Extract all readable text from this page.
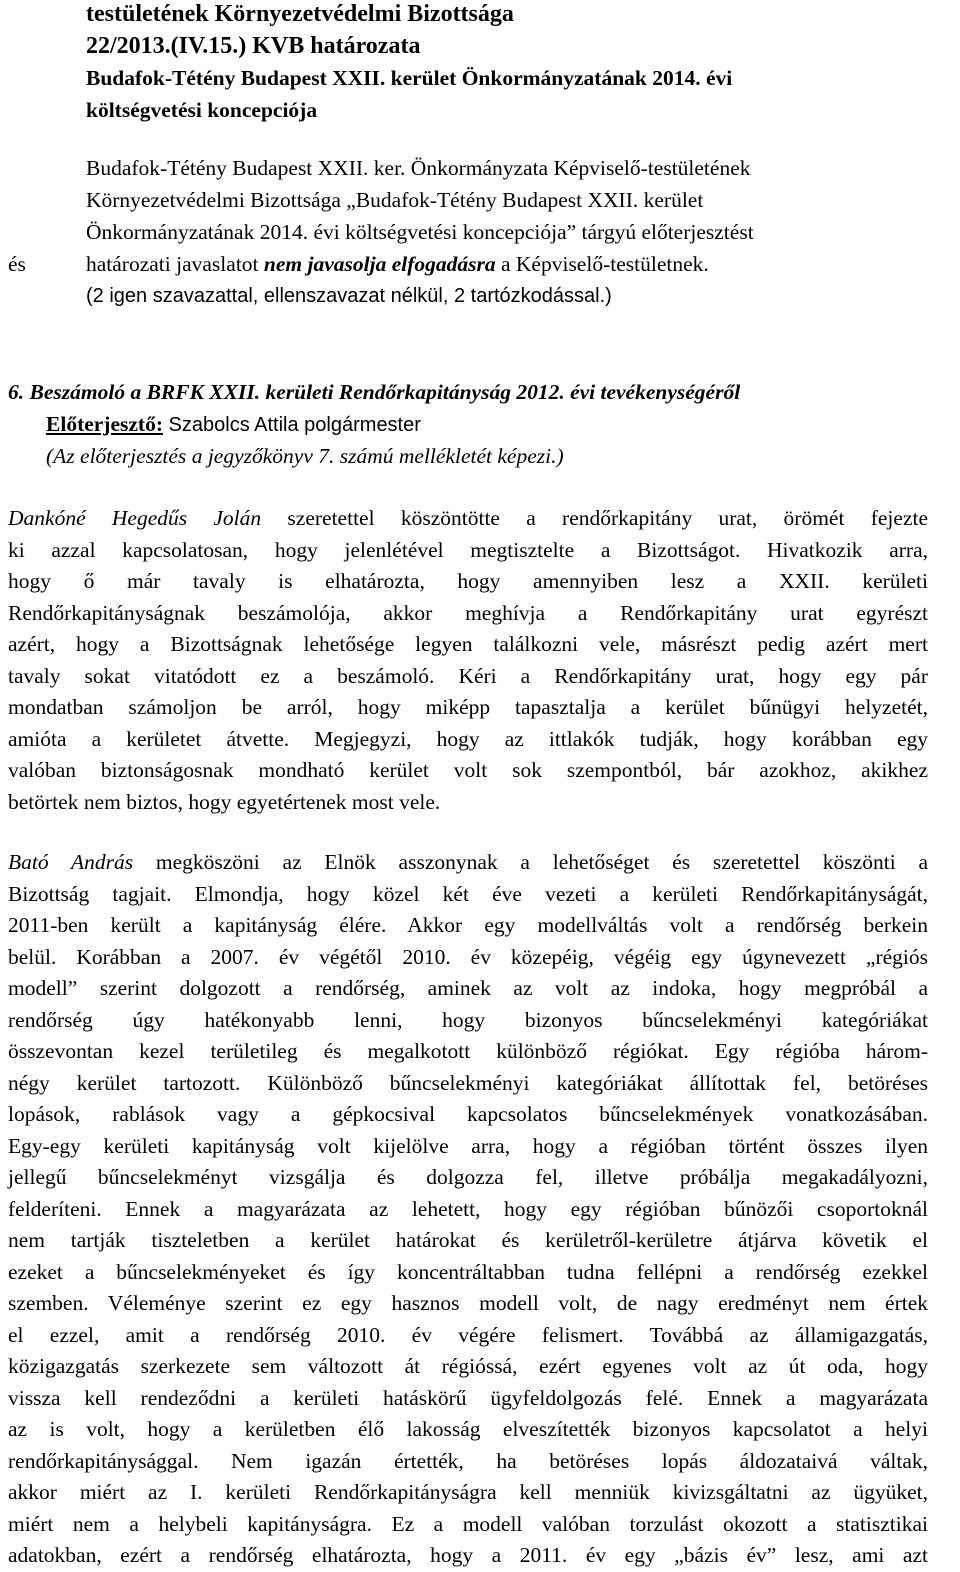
testületének Környezetvédelmi Bizottsága
22/2013.(IV.15.) KVB határozata
Budafok-Tétény Budapest XXII. kerület Önkormányzatának 2014. évi
költségvetési koncepciója
Budafok-Tétény Budapest XXII. ker. Önkormányzata Képviselő-testületének
Környezetvédelmi Bizottsága „Budafok-Tétény Budapest XXII. kerület
Önkormányzatának 2014. évi költségvetési koncepciója” tárgyú előterjesztést
és	határozati javaslatot nem javasolja elfogadásra a Képviselő-testületnek.
(2 igen szavazattal, ellenszavazat nélkül, 2 tartózkodással.)
6. Beszámoló a BRFK XXII. kerületi Rendőrkapitányság 2012. évi tevékenységéről
Előterjesztő: Szabolcs Attila polgármester
(Az előterjesztés a jegyzőkönyv 7. számú mellékletét képezi.)
Dankóné Hegedűs Jolán szeretettel köszöntötte a rendőrkapitány urat, örömét fejezte
ki azzal kapcsolatosan, hogy jelenlétével megtisztelte a Bizottságot. Hivatkozik arra,
hogy ő már tavaly is elhatározta, hogy amennyiben lesz a XXII. kerületi
Rendőrkapitányságnak beszámolója, akkor meghívja a Rendőrkapitány urat egyrészt
azért, hogy a Bizottságnak lehetősége legyen találkozni vele, másrészt pedig azért mert
tavaly sokat vitatódott ez a beszámoló. Kéri a Rendőrkapitány urat, hogy egy pár
mondatban számoljon be arról, hogy miképp tapasztalja a kerület bűnügyi helyzetét,
amióta a kerületet átvette. Megjegyzi, hogy az ittlakók tudják, hogy korábban egy
valóban biztonságosnak mondható kerület volt sok szempontból, bár azokhoz, akikhez
betörtek nem biztos, hogy egyetértenek most vele.
Bató András megköszöni az Elnök asszonynak a lehetőséget és szeretettel köszönti a
Bizottság tagjait. Elmondja, hogy közel két éve vezeti a kerületi Rendőrkapitányságát,
2011-ben került a kapitányság élére. Akkor egy modellváltás volt a rendőrség berkein
belül. Korábban a 2007. év végétől 2010. év közepéig, végéig egy úgynevezett „régiós
modell” szerint dolgozott a rendőrség, aminek az volt az indoka, hogy megpróbál a
rendőrség úgy hatékonyabb lenni, hogy bizonyos bűncselekményi kategóriákat
összevontan kezel területileg és megalkotott különböző régiókat. Egy régióba három-
négy kerület tartozott. Különböző bűncselekményi kategóriákat állítottak fel, betöréses
lopások, rablások vagy a gépkocsival kapcsolatos bűncselekmények vonatkozásában.
Egy-egy kerületi kapitányság volt kijelölve arra, hogy a régióban történt összes ilyen
jellegű bűncselekményt vizsgálja és dolgozza fel, illetve próbálja megakadályozni,
felderíteni. Ennek a magyarázata az lehetett, hogy egy régióban bűnözői csoportoknál
nem tartják tiszteletben a kerület határokat és kerületről-kerületre átjárva követik el
ezeket a bűncselekményeket és így koncentráltabban tudna fellépni a rendőrség ezekkel
szemben. Véleménye szerint ez egy hasznos modell volt, de nagy eredményt nem értek
el ezzel, amit a rendőrség 2010. év végére felismert. Továbbá az államigazgatás,
közigazgatás szerkezete sem változott át régióssá, ezért egyenes volt az út oda, hogy
vissza kell rendeződni a kerületi hatáskörű ügyfeldolgozás felé. Ennek a magyarázata
az is volt, hogy a kerületben élő lakosság elveszítették bizonyos kapcsolatot a helyi
rendőrkapitánysággal. Nem igazán értették, ha betöréses lopás áldozataivá váltak,
akkor miért az I. kerületi Rendőrkapitányságra kell menniük kivizsgáltatni az ügyüket,
miért nem a helybeli kapitányságra. Ez a modell valóban torzulást okozott a statisztikai
adatokban, ezért a rendőrség elhatározta, hogy a 2011. év egy „bázis év” lesz, ami azt
